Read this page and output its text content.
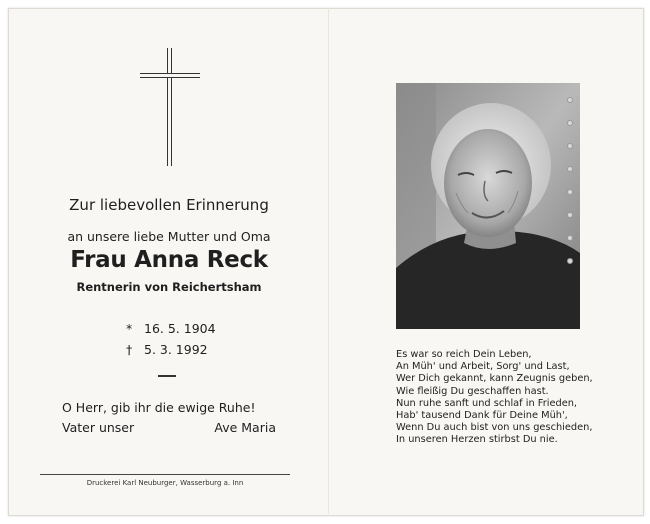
Zur liebevollen Erinnerung
an unsere liebe Mutter und Oma
Frau Anna Reck
Rentnerin von Reichertsham
* 16. 5. 1904
† 5. 3. 1992
O Herr, gib ihr die ewige Ruhe!
Vater unser	Ave Maria
Druckerei Karl Neuburger, Wasserburg a. Inn
Es war so reich Dein Leben,
An Müh' und Arbeit, Sorg' und Last,
Wer Dich gekannt, kann Zeugnis geben,
Wie fleißig Du geschaffen hast.
Nun ruhe sanft und schlaf in Frieden,
Hab' tausend Dank für Deine Müh',
Wenn Du auch bist von uns geschieden,
In unseren Herzen stirbst Du nie.
